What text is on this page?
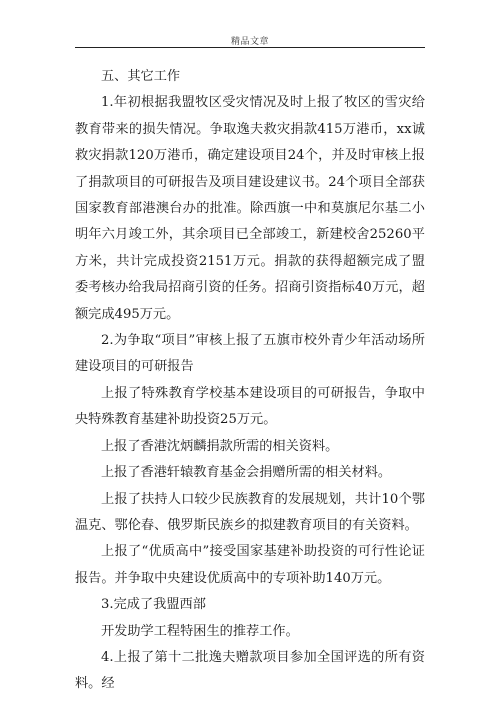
精品文章

五、其它工作

1.年初根据我盟牧区受灾情况及时上报了牧区的雪灾给教育带来的损失情况。争取逸夫救灾捐款415万港币，xx诚救灾捐款120万港币，确定建设项目24个，并及时审核上报了捐款项目的可研报告及项目建设建议书。24个项目全部获国家教育部港澳台办的批准。除西旗一中和莫旗尼尔基二小明年六月竣工外，其余项目已全部竣工，新建校舍25260平方米，共计完成投资2151万元。捐款的获得超额完成了盟委考核办给我局招商引资的任务。招商引资指标40万元，超额完成495万元。

2.为争取“项目”审核上报了五旗市校外青少年活动场所建设项目的可研报告

上报了特殊教育学校基本建设项目的可研报告，争取中央特殊教育基建补助投资25万元。

上报了香港沈炳麟捐款所需的相关资料。

上报了香港轩辕教育基金会捐赠所需的相关材料。

上报了扶持人口较少民族教育的发展规划，共计10个鄂温克、鄂伦春、俄罗斯民族乡的拟建教育项目的有关资料。

上报了“优质高中”接受国家基建补助投资的可行性论证报告。并争取中央建设优质高中的专项补助140万元。

3.完成了我盟西部

开发助学工程特困生的推荐工作。

4.上报了第十二批逸夫赠款项目参加全国评选的所有资料。经
